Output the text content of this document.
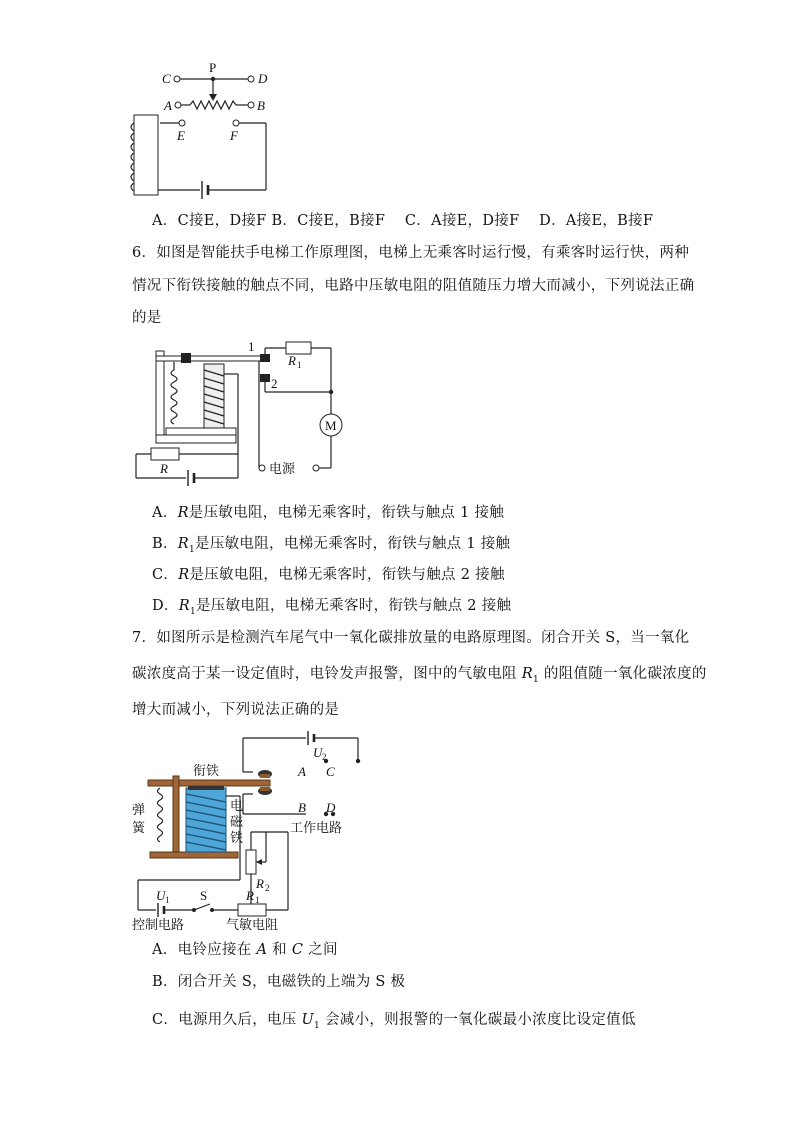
P
C	D
A	B
E	F
A．C接E，D接F B．C接E，B接F　 C．A接E，D接F　 D．A接E，B接F
6．如图是智能扶手电梯工作原理图，电梯上无乘客时运行慢，有乘客时运行快，两种
情况下衔铁接触的触点不同，电路中压敏电阻的阻值随压力增大而减小，下列说法正确
的是
1
2
R 1
M
R	电源
A．R是压敏电阻，电梯无乘客时，衔铁与触点 1 接触
B．$R_1$是压敏电阻，电梯无乘客时，衔铁与触点 1 接触
C．R是压敏电阻，电梯无乘客时，衔铁与触点 2 接触
D．$R_1$是压敏电阻，电梯无乘客时，衔铁与触点 2 接触
7．如图所示是检测汽车尾气中一氧化碳排放量的电路原理图。闭合开关 S，当一氧化
碳浓度高于某一设定值时，电铃发声报警，图中的气敏电阻 $R_1$ 的阻值随一氧化碳浓度的
增大而减小，下列说法正确的是
U 2
衔铁	A C
B D
弹
簧
电
磁
铁
工作电路
R 2
U 1 S	R 1
控制电路	气敏电阻
A．电铃应接在 A 和 C 之间
B．闭合开关 S，电磁铁的上端为 S 极
C．电源用久后，电压 $U_1$ 会减小，则报警的一氧化碳最小浓度比设定值低
